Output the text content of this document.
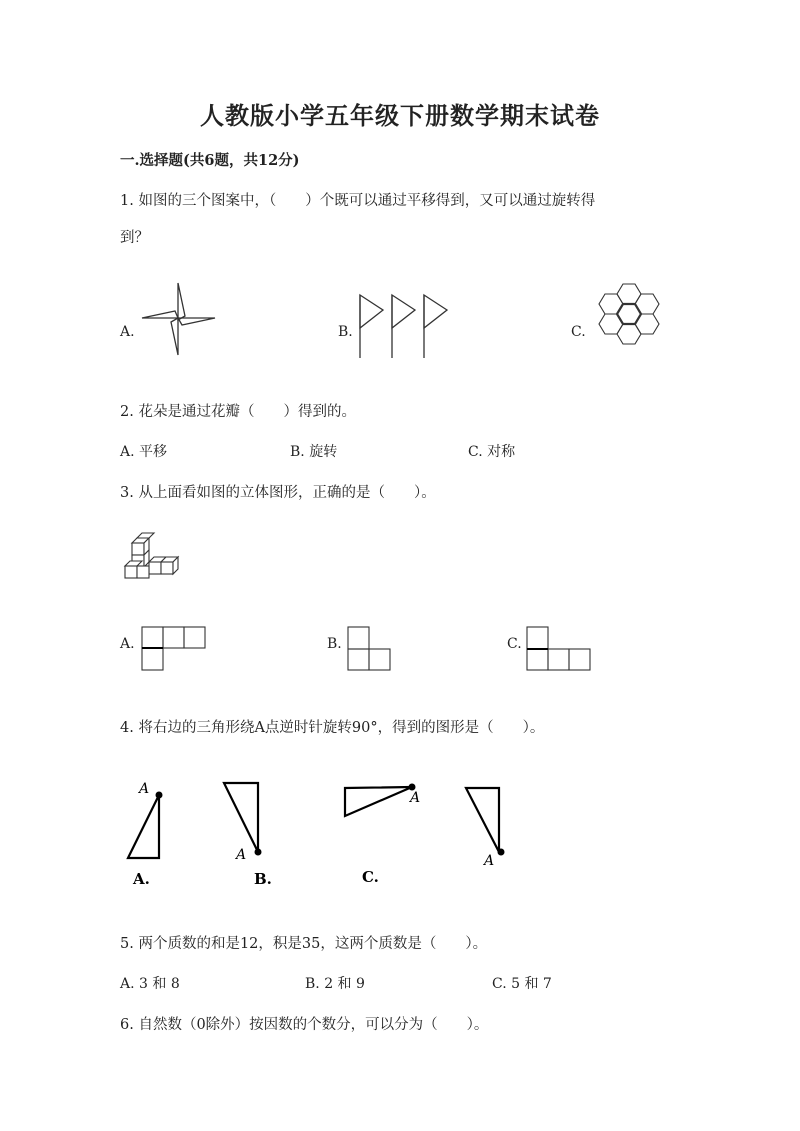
人教版小学五年级下册数学期末试卷
一.选择题(共6题，共12分)
1. 如图的三个图案中，（　　）个既可以通过平移得到，又可以通过旋转得
到？
A.	B.	C.
2. 花朵是通过花瓣（　　）得到的。
A. 平移	B. 旋转	C. 对称
3. 从上面看如图的立体图形，正确的是（　　）。
A.	B.	C.
4. 将右边的三角形绕A点逆时针旋转90°，得到的图形是（　　）。
A
A.
A
B.
A
C.
A
5. 两个质数的和是12，积是35，这两个质数是（　　）。
A. 3 和 8	B. 2 和 9	C. 5 和 7
6. 自然数（0除外）按因数的个数分，可以分为（　　）。
